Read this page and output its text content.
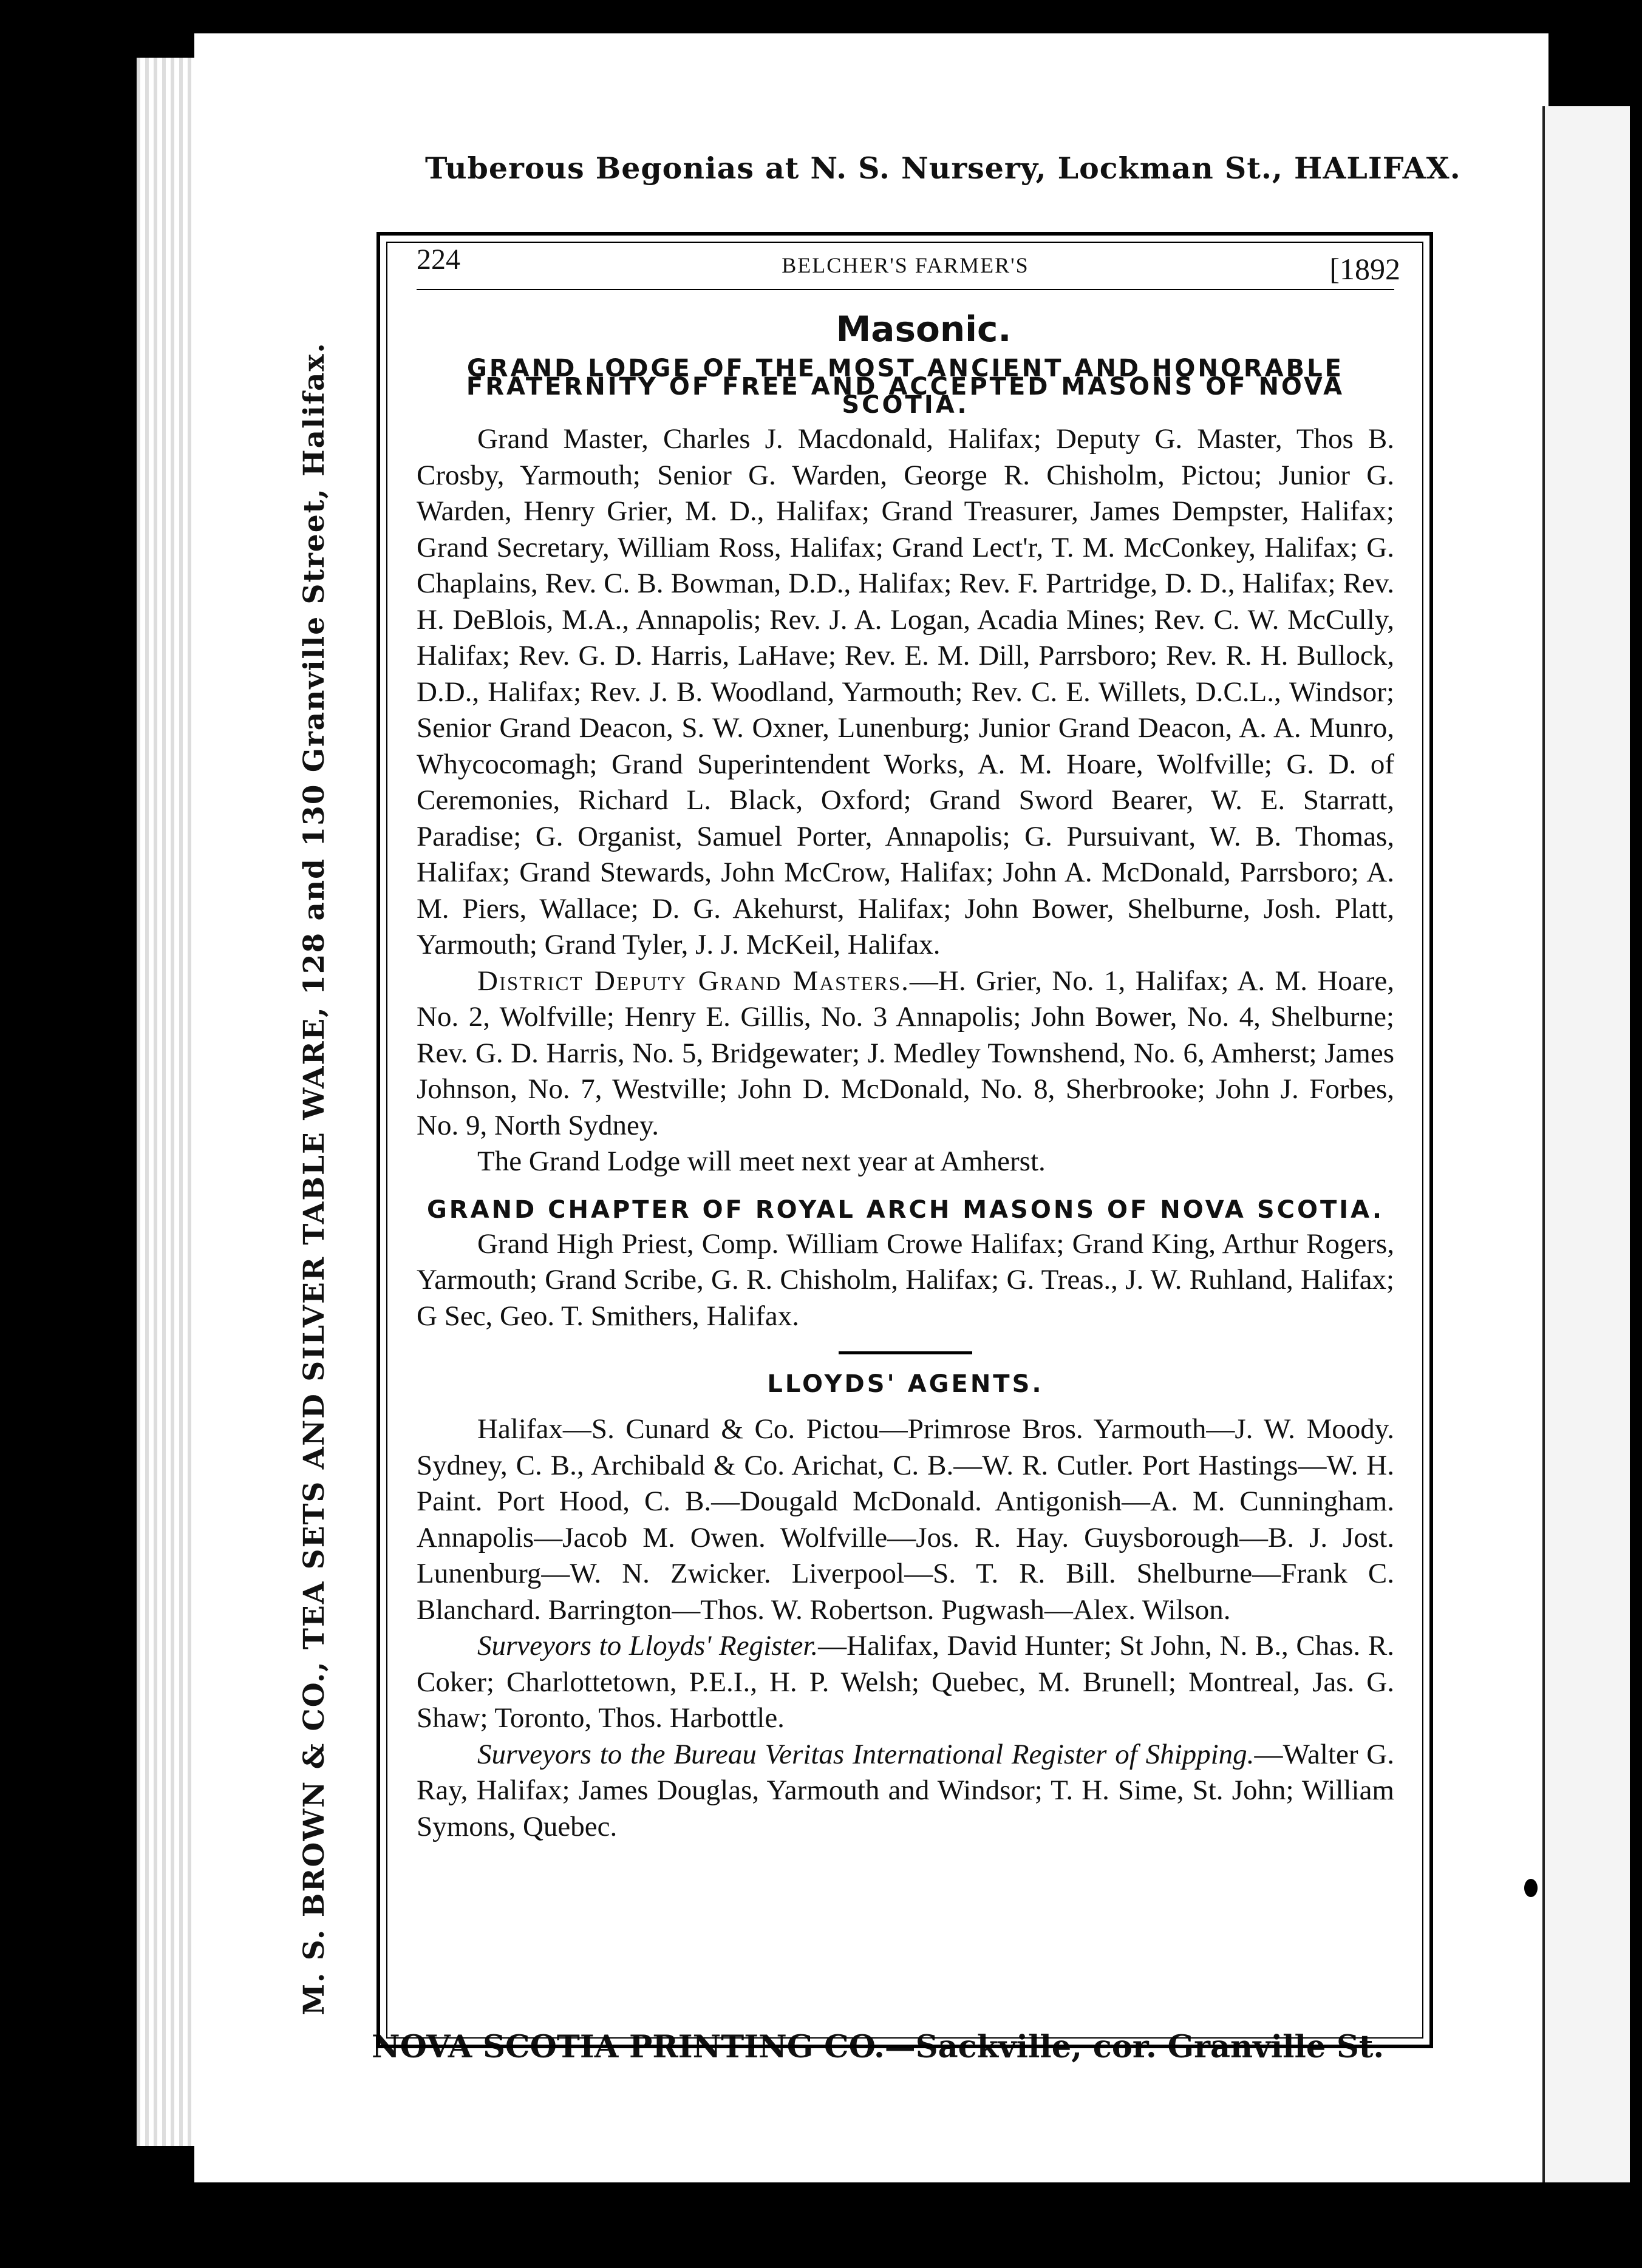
Tuberous Begonias at N. S. Nursery, Lockman St., HALIFAX.
M. S. BROWN & CO., TEA SETS AND SILVER TABLE WARE, 128 and 130 Granville Street, Halifax.
NOVA SCOTIA PRINTING CO.—Sackville, cor. Granville St.
224	BELCHER'S FARMER'S	[1892
Masonic.
GRAND LODGE OF THE MOST ANCIENT AND HONORABLE FRATERNITY OF FREE AND ACCEPTED MASONS OF NOVA SCOTIA.

Grand Master, Charles J. Macdonald, Halifax; Deputy G. Master, Thos B. Crosby, Yarmouth; Senior G. Warden, George R. Chisholm, Pictou; Junior G. Warden, Henry Grier, M. D., Halifax; Grand Treasurer, James Dempster, Halifax; Grand Secretary, William Ross, Halifax; Grand Lect'r, T. M. McConkey, Halifax; G. Chaplains, Rev. C. B. Bowman, D.D., Halifax; Rev. F. Partridge, D. D., Halifax; Rev. H. DeBlois, M.A., Annapolis; Rev. J. A. Logan, Acadia Mines; Rev. C. W. McCully, Halifax; Rev. G. D. Harris, LaHave; Rev. E. M. Dill, Parrsboro; Rev. R. H. Bullock, D.D., Halifax; Rev. J. B. Woodland, Yarmouth; Rev. C. E. Willets, D.C.L., Windsor; Senior Grand Deacon, S. W. Oxner, Lunenburg; Junior Grand Deacon, A. A. Munro, Whycocomagh; Grand Superintendent Works, A. M. Hoare, Wolfville; G. D. of Ceremonies, Richard L. Black, Oxford; Grand Sword Bearer, W. E. Starratt, Paradise; G. Organist, Samuel Porter, Annapolis; G. Pursuivant, W. B. Thomas, Halifax; Grand Stewards, John McCrow, Halifax; John A. McDonald, Parrsboro; A. M. Piers, Wallace; D. G. Akehurst, Halifax; John Bower, Shelburne, Josh. Platt, Yarmouth; Grand Tyler, J. J. McKeil, Halifax.

District Deputy Grand Masters.—H. Grier, No. 1, Halifax; A. M. Hoare, No. 2, Wolfville; Henry E. Gillis, No. 3 Annapolis; John Bower, No. 4, Shelburne; Rev. G. D. Harris, No. 5, Bridgewater; J. Medley Townshend, No. 6, Amherst; James Johnson, No. 7, Westville; John D. McDonald, No. 8, Sherbrooke; John J. Forbes, No. 9, North Sydney.

The Grand Lodge will meet next year at Amherst.

GRAND CHAPTER OF ROYAL ARCH MASONS OF NOVA SCOTIA.

Grand High Priest, Comp. William Crowe Halifax; Grand King, Arthur Rogers, Yarmouth; Grand Scribe, G. R. Chisholm, Halifax; G. Treas., J. W. Ruhland, Halifax; G Sec, Geo. T. Smithers, Halifax.

LLOYDS' AGENTS.

Halifax—S. Cunard & Co. Pictou—Primrose Bros. Yarmouth—J. W. Moody. Sydney, C. B., Archibald & Co. Arichat, C. B.—W. R. Cutler. Port Hastings—W. H. Paint. Port Hood, C. B.—Dougald McDonald. Antigonish—A. M. Cunningham. Annapolis—Jacob M. Owen. Wolfville—Jos. R. Hay. Guysborough—B. J. Jost. Lunenburg—W. N. Zwicker. Liverpool—S. T. R. Bill. Shelburne—Frank C. Blanchard. Barrington—Thos. W. Robertson. Pugwash—Alex. Wilson.

Surveyors to Lloyds' Register.—Halifax, David Hunter; St John, N. B., Chas. R. Coker; Charlottetown, P.E.I., H. P. Welsh; Quebec, M. Brunell; Montreal, Jas. G. Shaw; Toronto, Thos. Harbottle.

Surveyors to the Bureau Veritas International Register of Shipping.—Walter G. Ray, Halifax; James Douglas, Yarmouth and Windsor; T. H. Sime, St. John; William Symons, Quebec.
